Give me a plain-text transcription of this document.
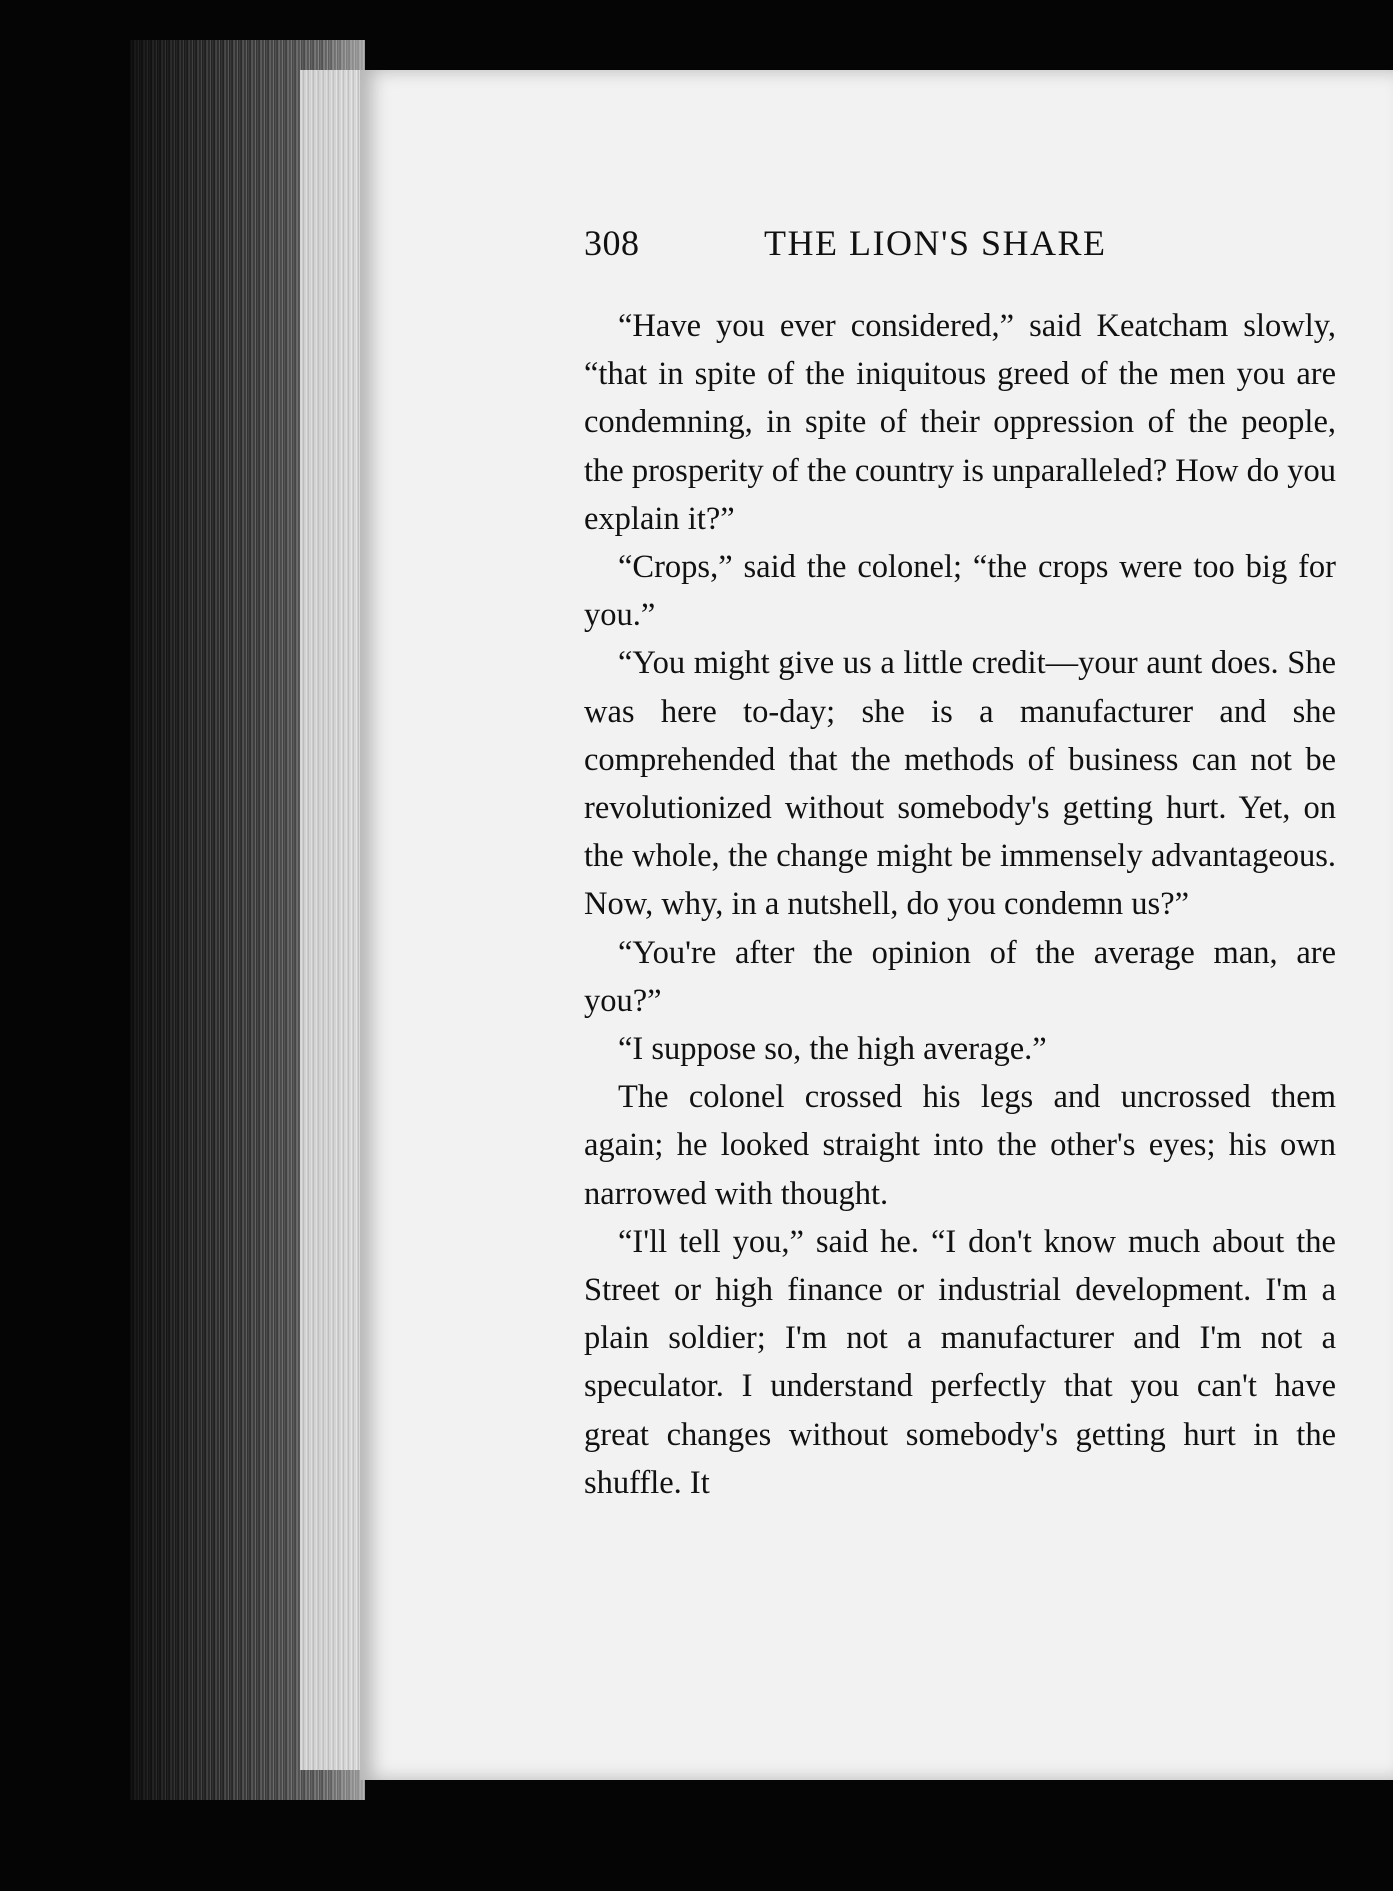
308	THE LION'S SHARE

“Have you ever considered,” said Keatcham slowly, “that in spite of the iniquitous greed of the men you are condemning, in spite of their oppression of the people, the prosperity of the country is unparalleled? How do you explain it?”

“Crops,” said the colonel; “the crops were too big for you.”

“You might give us a little credit—your aunt does. She was here to-day; she is a manufacturer and she comprehended that the methods of business can not be revolutionized without somebody's getting hurt. Yet, on the whole, the change might be immensely advantageous. Now, why, in a nutshell, do you condemn us?”

“You're after the opinion of the average man, are you?”

“I suppose so, the high average.”

The colonel crossed his legs and uncrossed them again; he looked straight into the other's eyes; his own narrowed with thought.

“I'll tell you,” said he. “I don't know much about the Street or high finance or industrial development. I'm a plain soldier; I'm not a manufacturer and I'm not a speculator. I understand perfectly that you can't have great changes without somebody's getting hurt in the shuffle. It
